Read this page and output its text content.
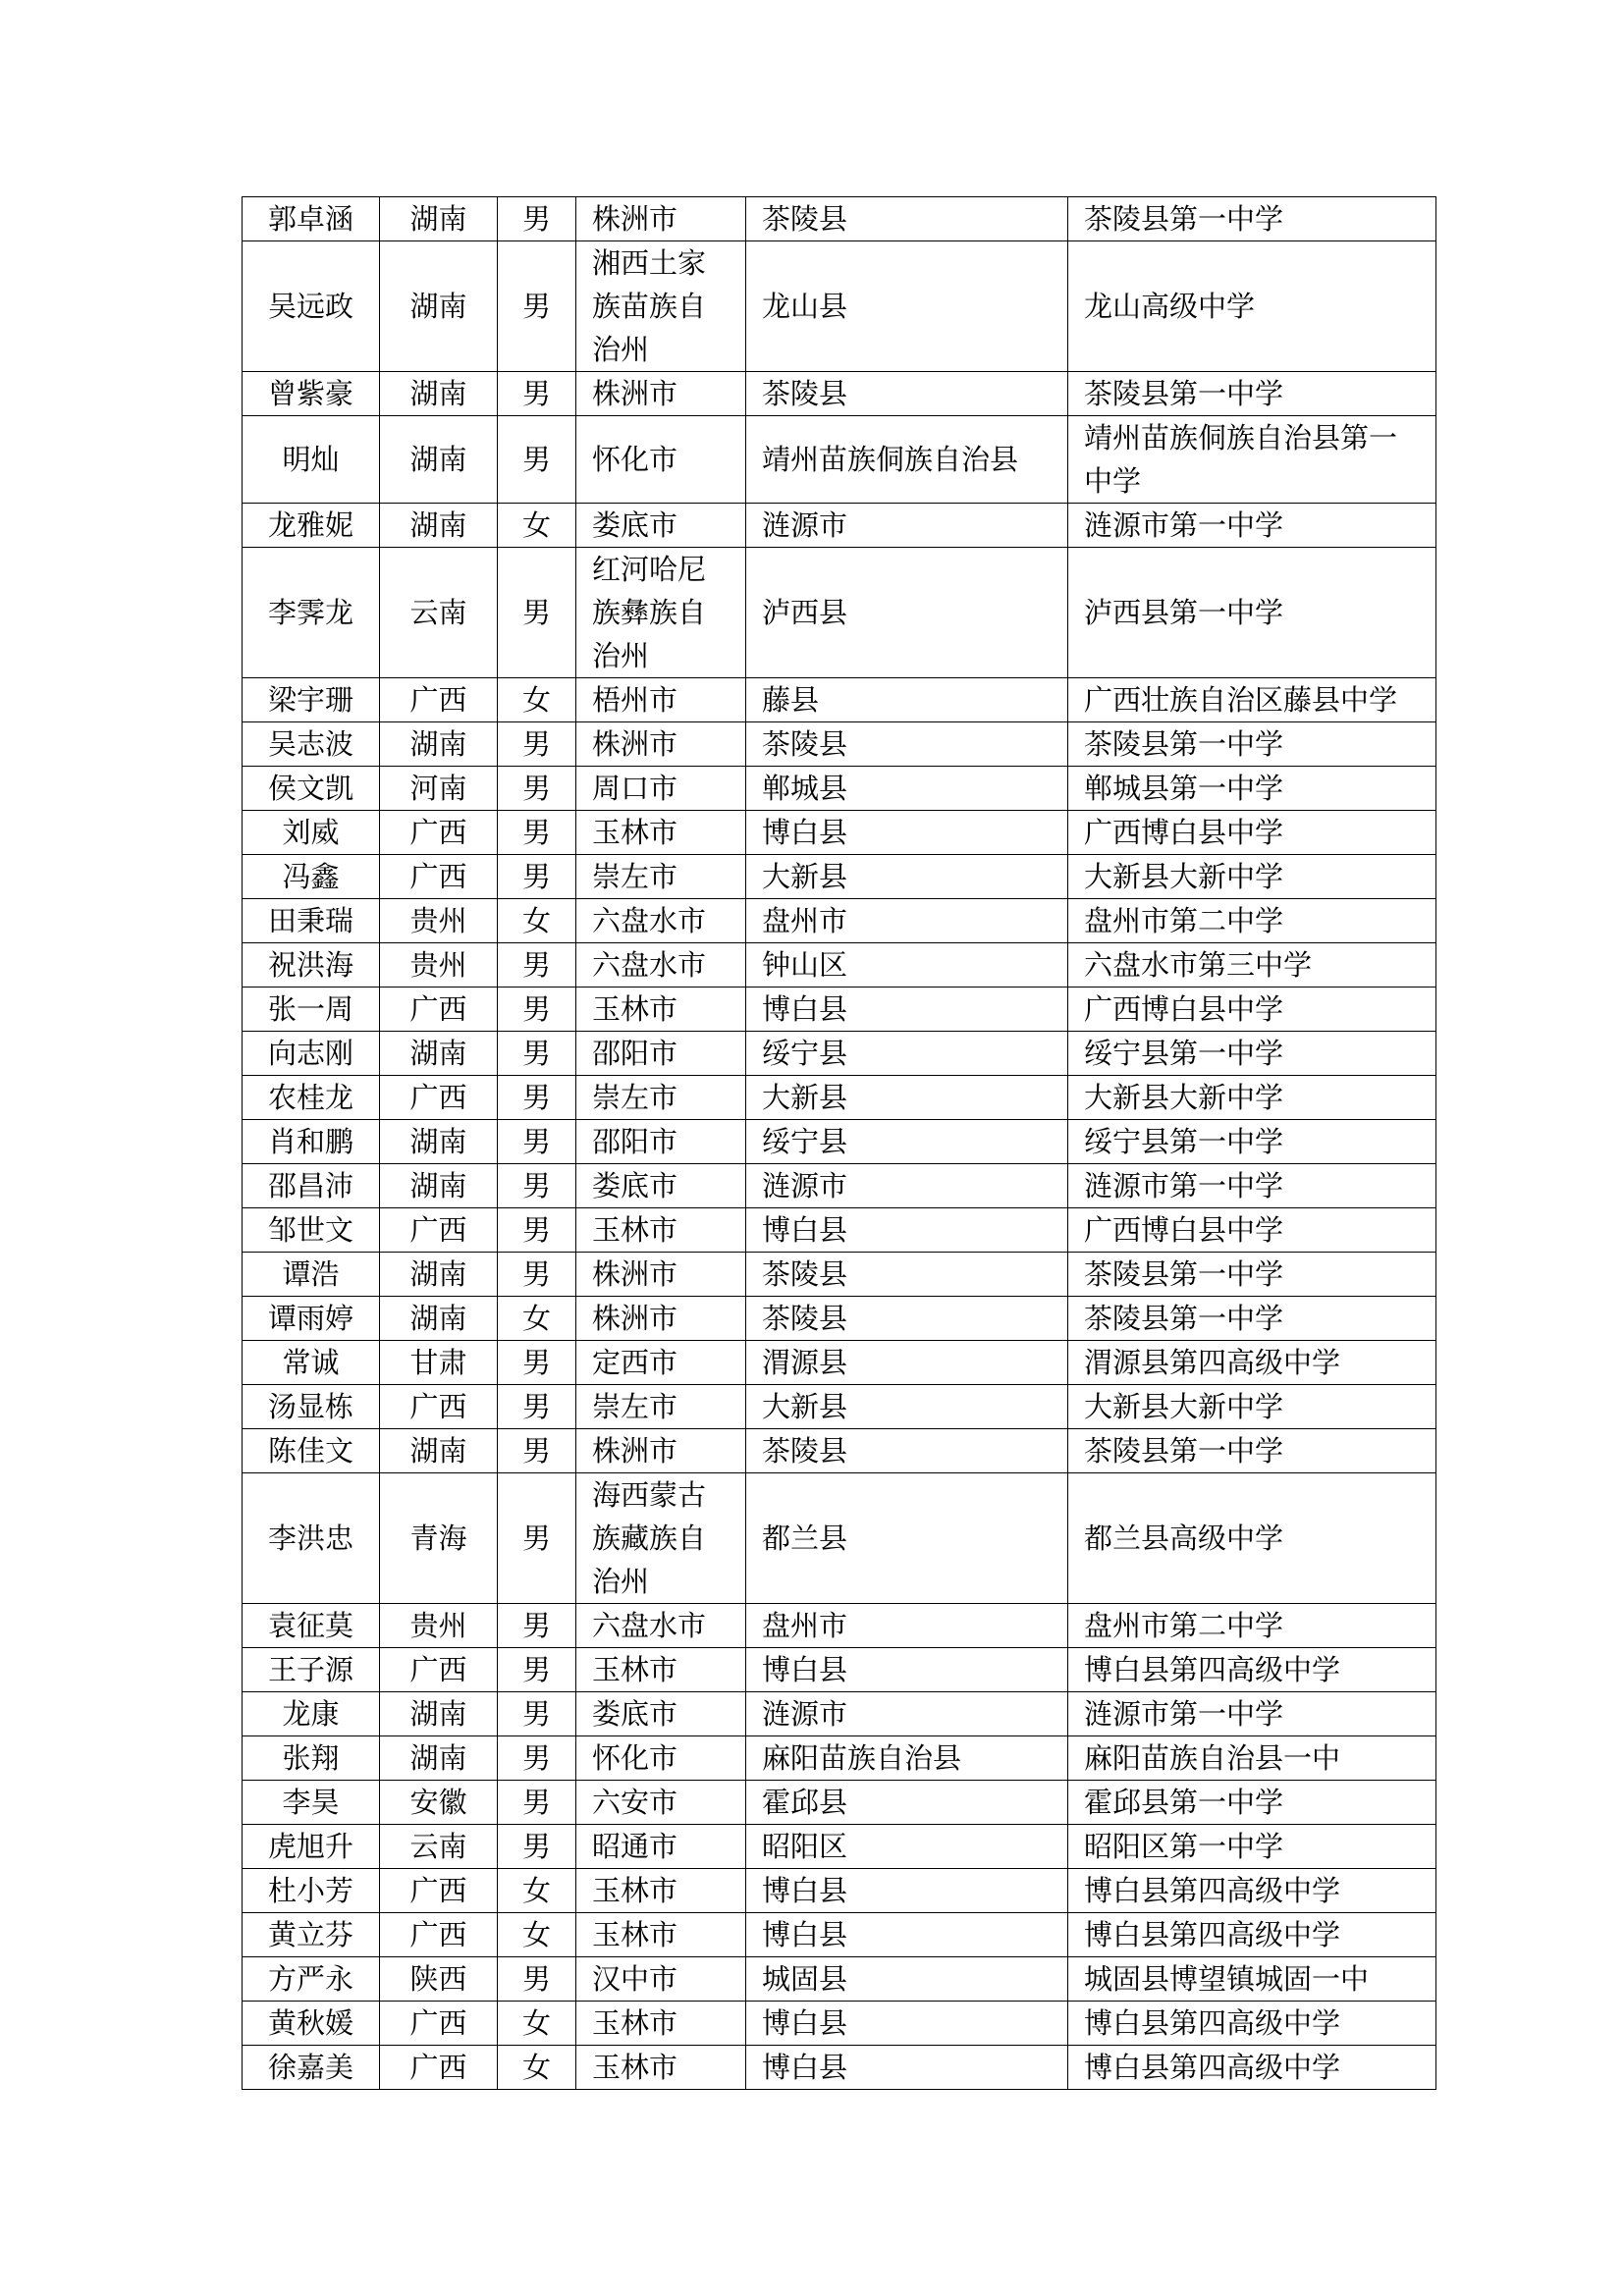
郭卓涵	湖南	男	株洲市	茶陵县	茶陵县第一中学
吴远政	湖南	男	湘西土家族苗族自治州	龙山县	龙山高级中学
曾紫豪	湖南	男	株洲市	茶陵县	茶陵县第一中学
明灿	湖南	男	怀化市	靖州苗族侗族自治县	靖州苗族侗族自治县第一中学
龙雅妮	湖南	女	娄底市	涟源市	涟源市第一中学
李霁龙	云南	男	红河哈尼族彝族自治州	泸西县	泸西县第一中学
梁宇珊	广西	女	梧州市	藤县	广西壮族自治区藤县中学
吴志波	湖南	男	株洲市	茶陵县	茶陵县第一中学
侯文凯	河南	男	周口市	郸城县	郸城县第一中学
刘威	广西	男	玉林市	博白县	广西博白县中学
冯鑫	广西	男	崇左市	大新县	大新县大新中学
田秉瑞	贵州	女	六盘水市	盘州市	盘州市第二中学
祝洪海	贵州	男	六盘水市	钟山区	六盘水市第三中学
张一周	广西	男	玉林市	博白县	广西博白县中学
向志刚	湖南	男	邵阳市	绥宁县	绥宁县第一中学
农桂龙	广西	男	崇左市	大新县	大新县大新中学
肖和鹏	湖南	男	邵阳市	绥宁县	绥宁县第一中学
邵昌沛	湖南	男	娄底市	涟源市	涟源市第一中学
邹世文	广西	男	玉林市	博白县	广西博白县中学
谭浩	湖南	男	株洲市	茶陵县	茶陵县第一中学
谭雨婷	湖南	女	株洲市	茶陵县	茶陵县第一中学
常诚	甘肃	男	定西市	渭源县	渭源县第四高级中学
汤显栋	广西	男	崇左市	大新县	大新县大新中学
陈佳文	湖南	男	株洲市	茶陵县	茶陵县第一中学
李洪忠	青海	男	海西蒙古族藏族自治州	都兰县	都兰县高级中学
袁征莫	贵州	男	六盘水市	盘州市	盘州市第二中学
王子源	广西	男	玉林市	博白县	博白县第四高级中学
龙康	湖南	男	娄底市	涟源市	涟源市第一中学
张翔	湖南	男	怀化市	麻阳苗族自治县	麻阳苗族自治县一中
李昊	安徽	男	六安市	霍邱县	霍邱县第一中学
虎旭升	云南	男	昭通市	昭阳区	昭阳区第一中学
杜小芳	广西	女	玉林市	博白县	博白县第四高级中学
黄立芬	广西	女	玉林市	博白县	博白县第四高级中学
方严永	陕西	男	汉中市	城固县	城固县博望镇城固一中
黄秋媛	广西	女	玉林市	博白县	博白县第四高级中学
徐嘉美	广西	女	玉林市	博白县	博白县第四高级中学
